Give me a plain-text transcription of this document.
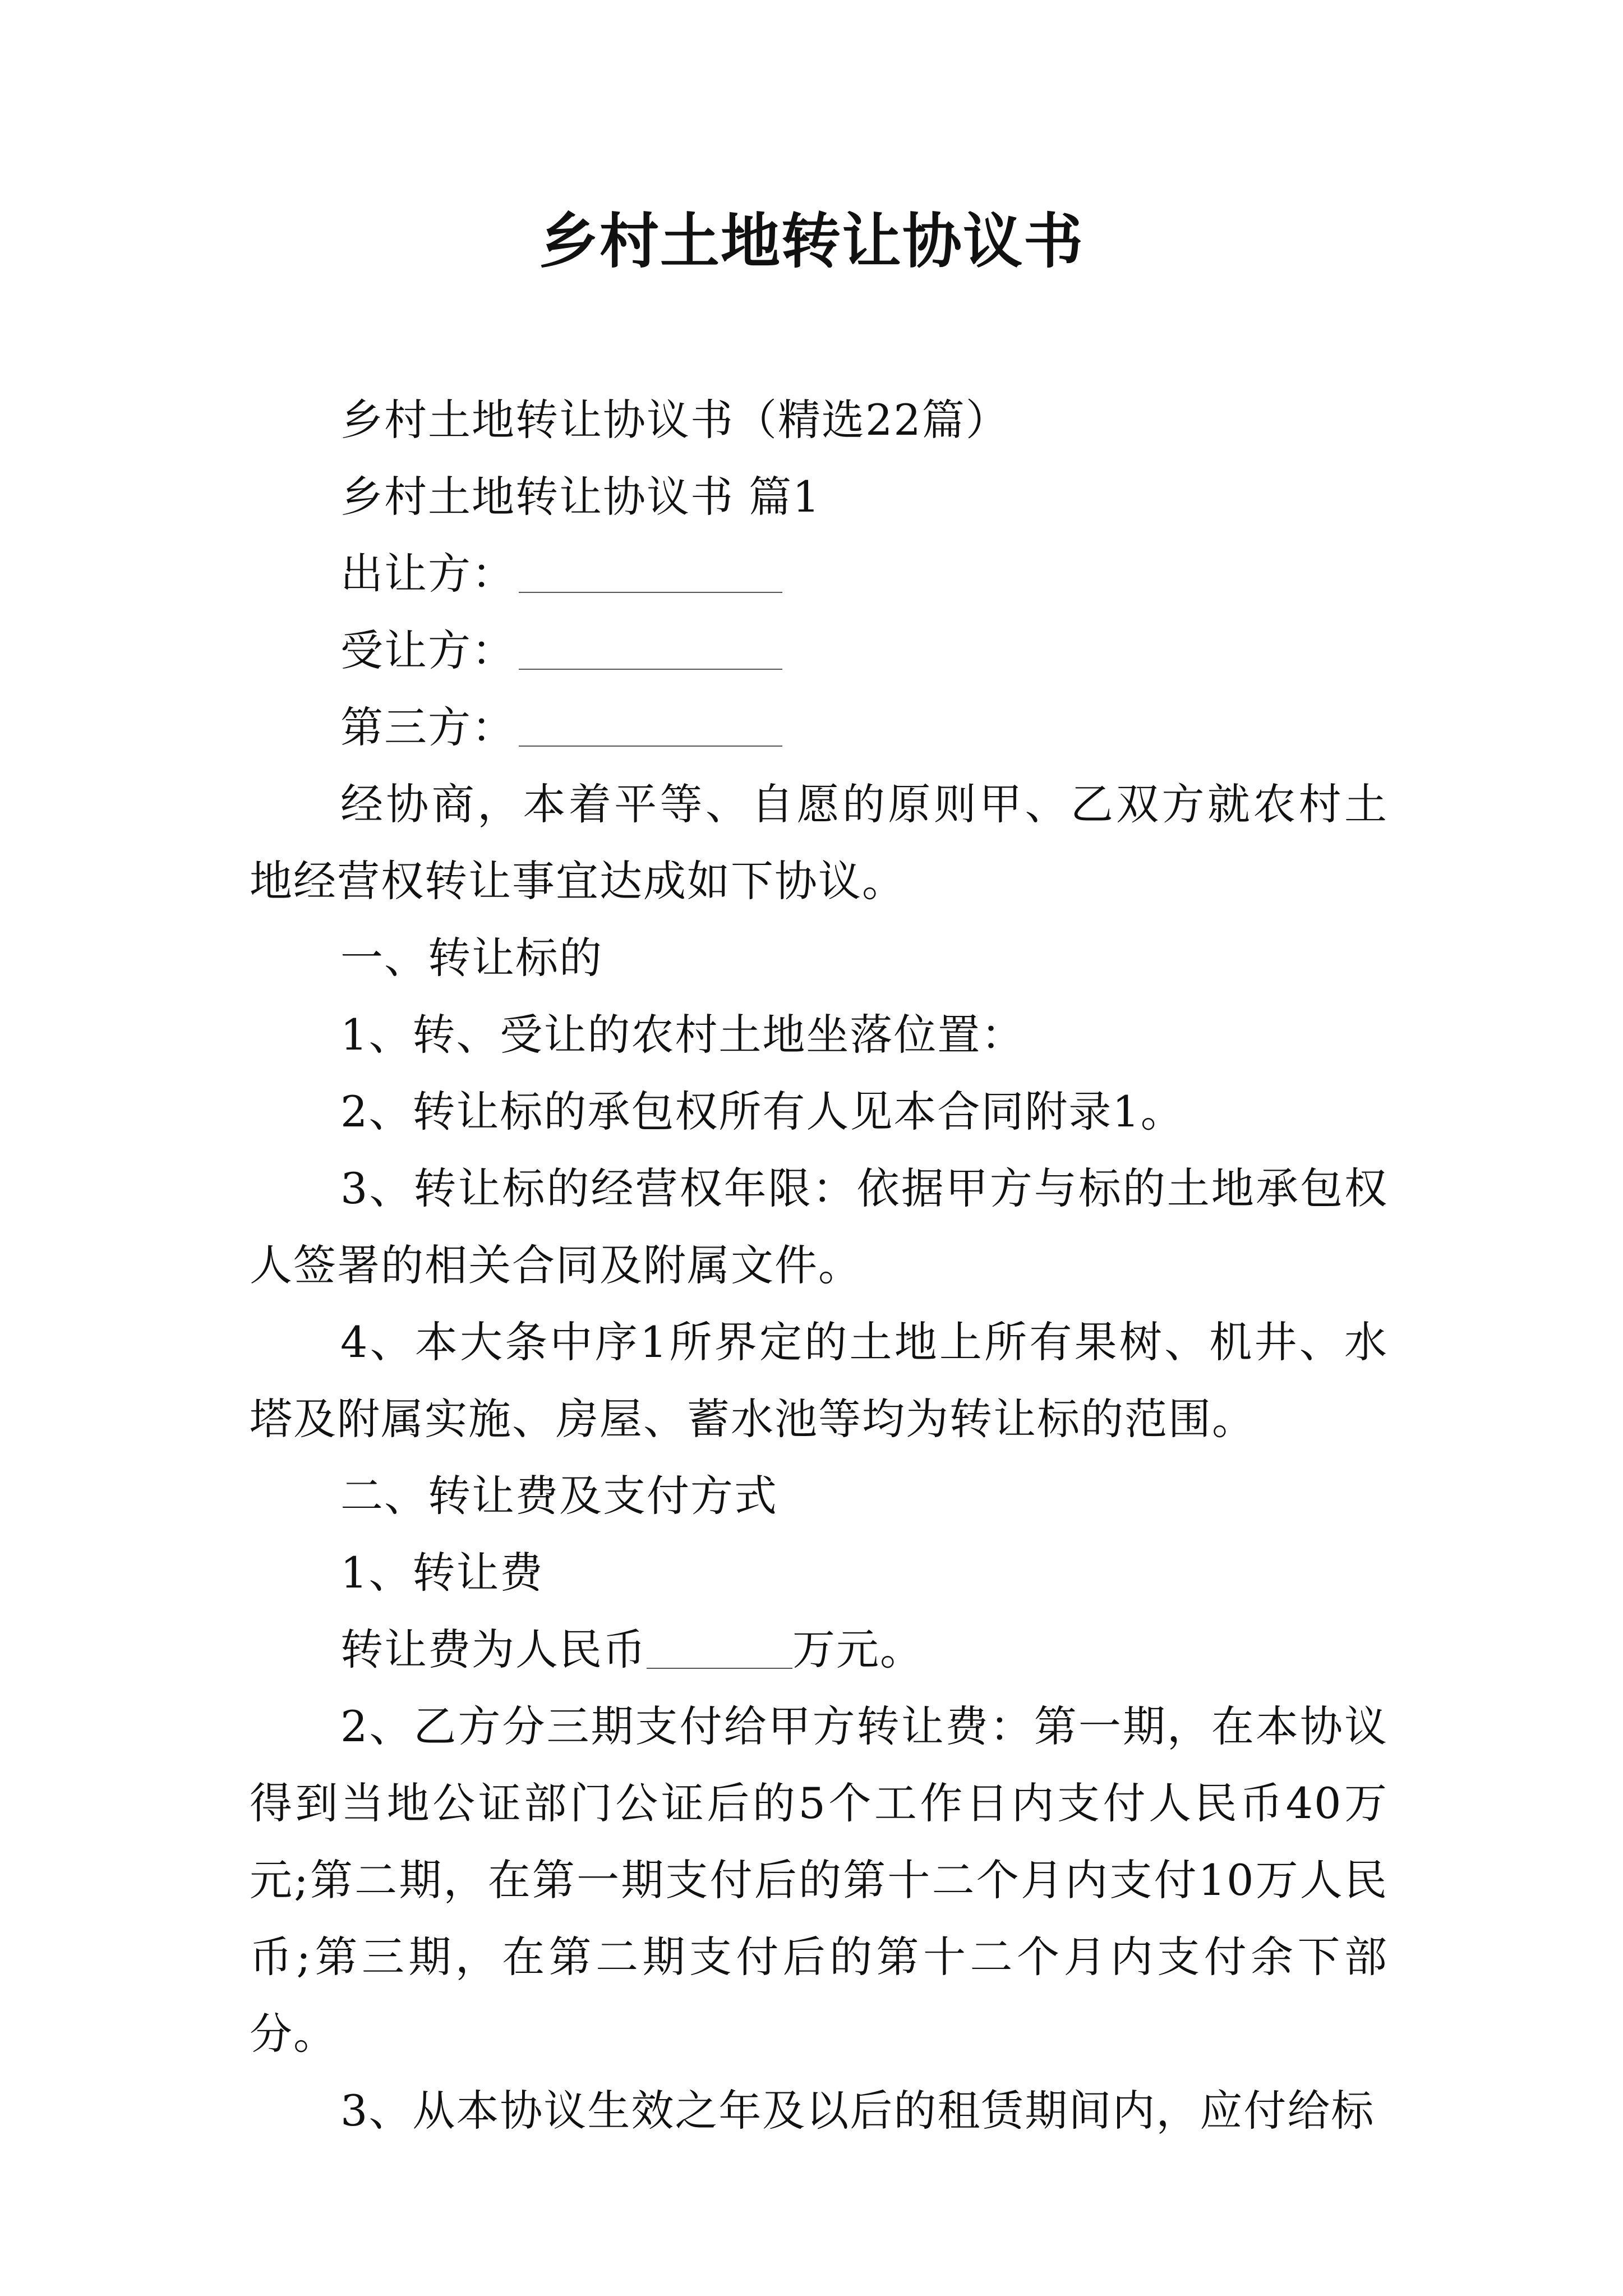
乡村土地转让协议书

乡村土地转让协议书（精选22篇）

乡村土地转让协议书 篇1

出让方：

受让方：

第三方：

经协商，本着平等、自愿的原则甲、乙双方就农村土地经营权转让事宜达成如下协议。

一、转让标的

1、转、受让的农村土地坐落位置：

2、转让标的承包权所有人见本合同附录1。

3、转让标的经营权年限：依据甲方与标的土地承包权人签署的相关合同及附属文件。

4、本大条中序1所界定的土地上所有果树、机井、水塔及附属实施、房屋、蓄水池等均为转让标的范围。

二、转让费及支付方式

1、转让费

转让费为人民币	万元。

2、乙方分三期支付给甲方转让费：第一期，在本协议得到当地公证部门公证后的5个工作日内支付人民币40万元;第二期，在第一期支付后的第十二个月内支付10万人民币;第三期，在第二期支付后的第十二个月内支付余下部分。

3、从本协议生效之年及以后的租赁期间内，应付给标
